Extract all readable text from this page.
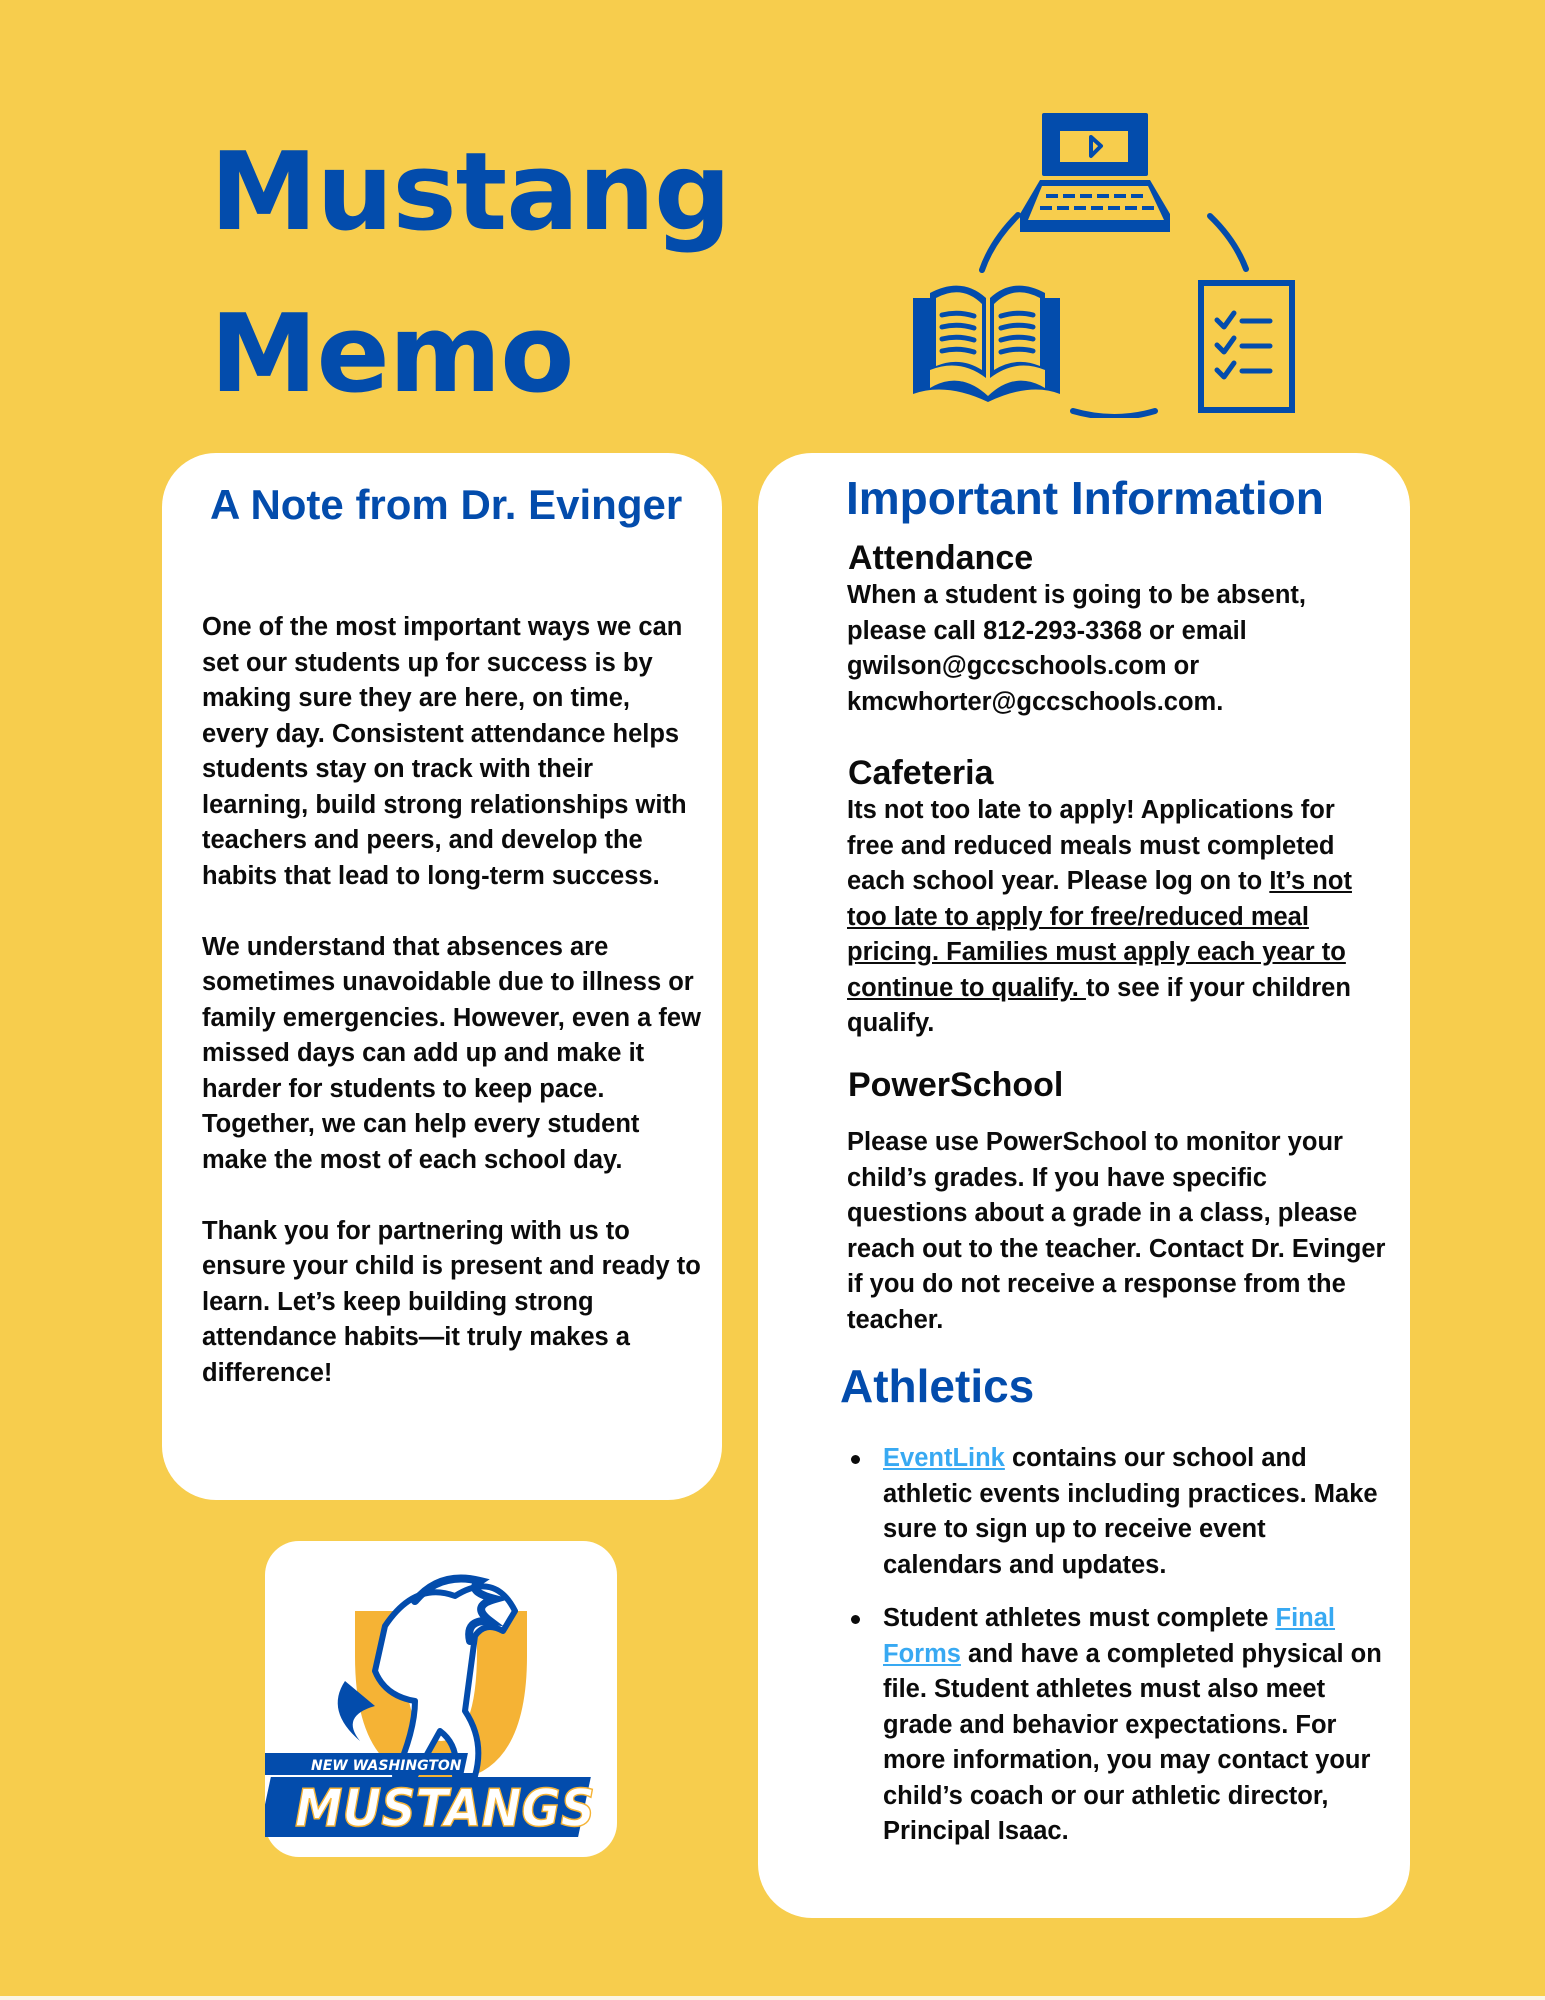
Mustang
Memo
A Note from Dr. Evinger

One of the most important ways we can set our students up for success is by making sure they are here, on time, every day. Consistent attendance helps students stay on track with their learning, build strong relationships with teachers and peers, and develop the habits that lead to long-term success.

We understand that absences are sometimes unavoidable due to illness or family emergencies. However, even a few missed days can add up and make it harder for students to keep pace. Together, we can help every student make the most of each school day.

Thank you for partnering with us to ensure your child is present and ready to learn. Let’s keep building strong attendance habits—it truly makes a difference!

NEW WASHINGTON
MUSTANGS
Important Information
Attendance
When a student is going to be absent, please call 812-293-3368 or email gwilson@gccschools.com or kmcwhorter@gccschools.com.
Cafeteria
Its not too late to apply! Applications for free and reduced meals must completed each school year. Please log on to It’s not too late to apply for free/reduced meal pricing. Families must apply each year to continue to qualify. to see if your children qualify.
PowerSchool
Please use PowerSchool to monitor your child’s grades. If you have specific questions about a grade in a class, please reach out to the teacher. Contact Dr. Evinger if you do not receive a response from the teacher.
Athletics
EventLink contains our school and athletic events including practices. Make sure to sign up to receive event calendars and updates.
Student athletes must complete Final Forms and have a completed physical on file. Student athletes must also meet grade and behavior expectations. For more information, you may contact your child’s coach or our athletic director, Principal Isaac.
